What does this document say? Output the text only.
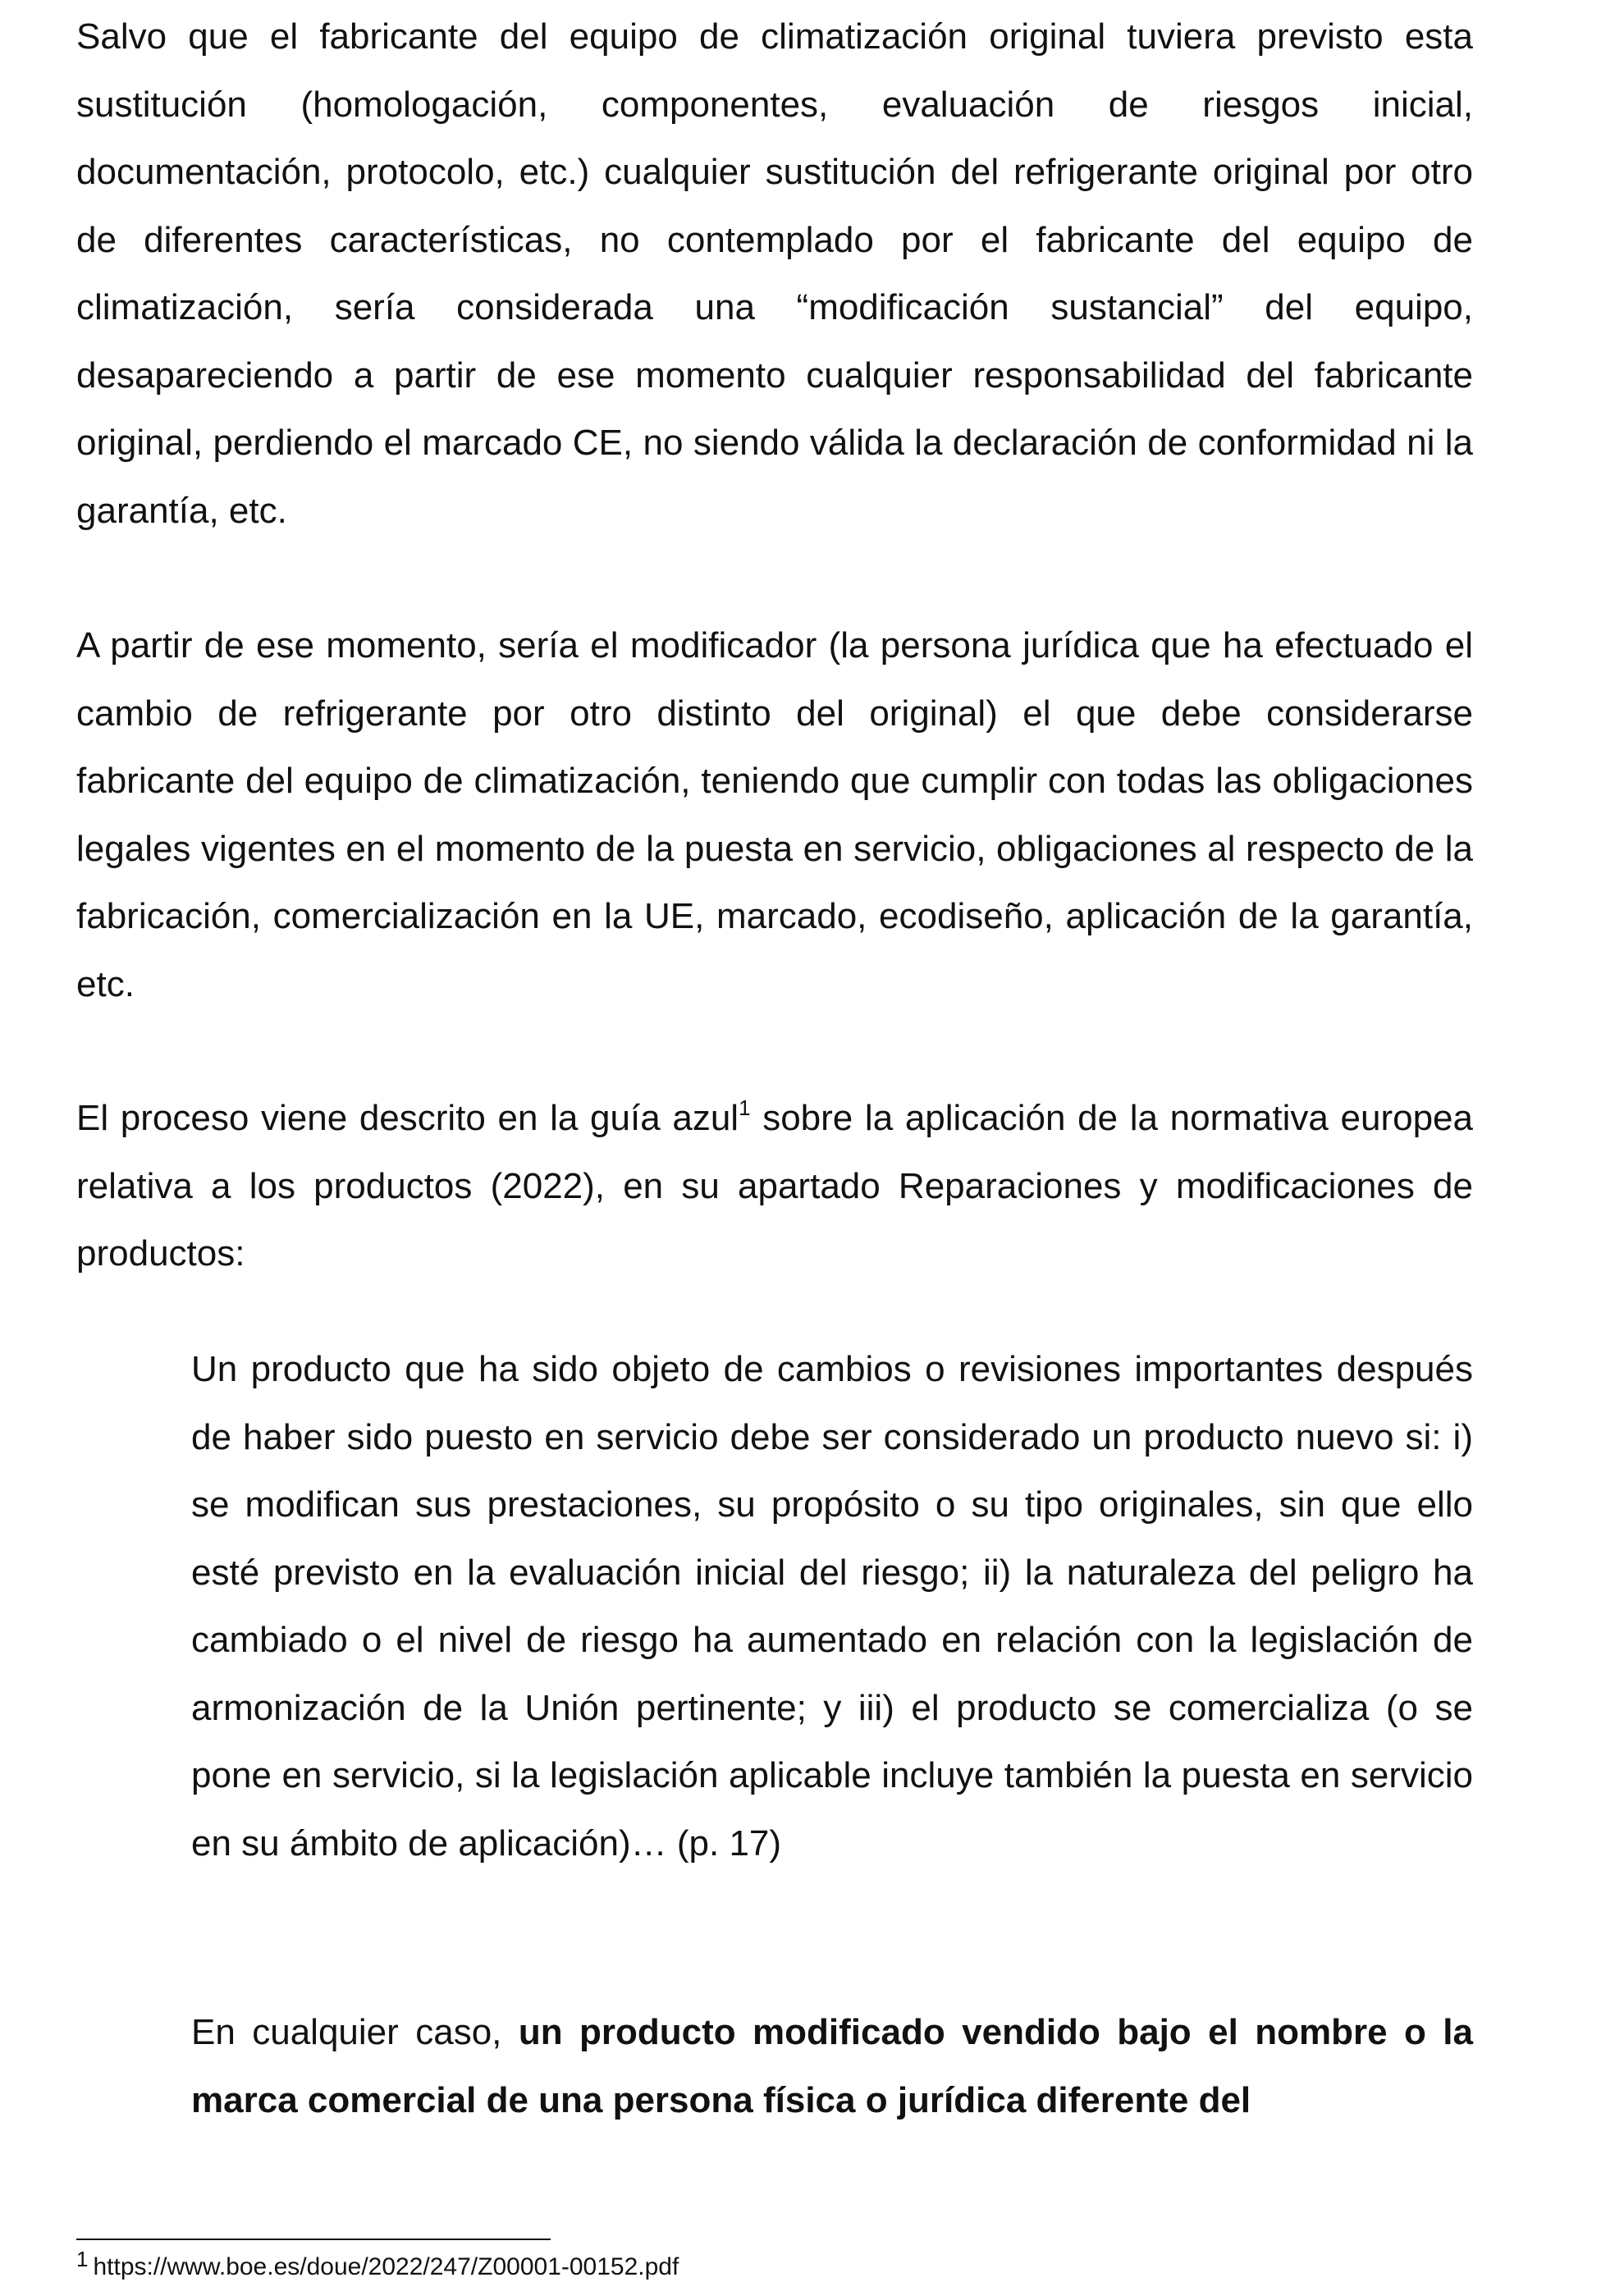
Salvo que el fabricante del equipo de climatización original tuviera previsto esta sustitución (homologación, componentes, evaluación de riesgos inicial, documentación, protocolo, etc.) cualquier sustitución del refrigerante original por otro de diferentes características, no contemplado por el fabricante del equipo de climatización, sería considerada una “modificación sustancial” del equipo, desapareciendo a partir de ese momento cualquier responsabilidad del fabricante original, perdiendo el marcado CE, no siendo válida la declaración de conformidad ni la garantía, etc.

A partir de ese momento, sería el modificador (la persona jurídica que ha efectuado el cambio de refrigerante por otro distinto del original) el que debe considerarse fabricante del equipo de climatización, teniendo que cumplir con todas las obligaciones legales vigentes en el momento de la puesta en servicio, obligaciones al respecto de la fabricación, comercialización en la UE, marcado, ecodiseño, aplicación de la garantía, etc.

El proceso viene descrito en la guía azul$^1$ sobre la aplicación de la normativa europea relativa a los productos (2022), en su apartado Reparaciones y modificaciones de productos:

Un producto que ha sido objeto de cambios o revisiones importantes después de haber sido puesto en servicio debe ser considerado un producto nuevo si: i) se modifican sus prestaciones, su propósito o su tipo originales, sin que ello esté previsto en la evaluación inicial del riesgo; ii) la naturaleza del peligro ha cambiado o el nivel de riesgo ha aumentado en relación con la legislación de armonización de la Unión pertinente; y iii) el producto se comercializa (o se pone en servicio, si la legislación aplicable incluye también la puesta en servicio en su ámbito de aplicación)… (p. 17)

En cualquier caso, un producto modificado vendido bajo el nombre o la marca comercial de una persona física o jurídica diferente del

1 https://www.boe.es/doue/2022/247/Z00001-00152.pdf
